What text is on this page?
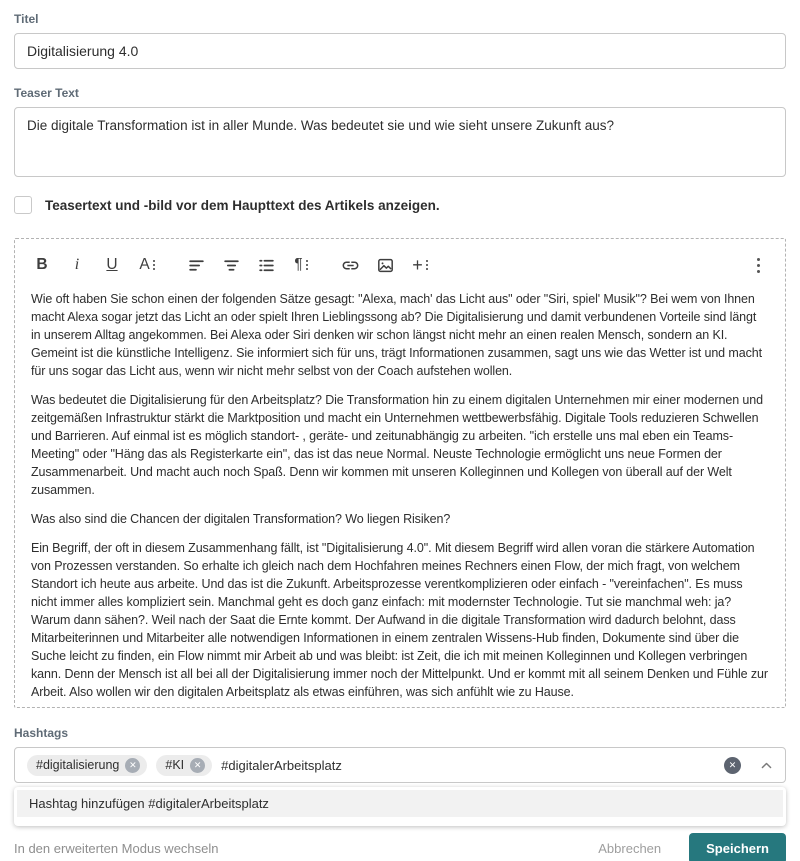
Titel
Digitalisierung 4.0
Teaser Text
Die digitale Transformation ist in aller Munde. Was bedeutet sie und wie sieht unsere Zukunft aus?
Teasertext und -bild vor dem Haupttext des Artikels anzeigen.
B i U A	¶	+

Wie oft haben Sie schon einen der folgenden Sätze gesagt: "Alexa, mach' das Licht aus" oder "Siri, spiel' Musik"? Bei wem von Ihnen macht Alexa sogar jetzt das Licht an oder spielt Ihren Lieblingssong ab? Die Digitalisierung und damit verbundenen Vorteile sind längt in unserem Alltag angekommen. Bei Alexa oder Siri denken wir schon längst nicht mehr an einen realen Mensch, sondern an KI. Gemeint ist die künstliche Intelligenz. Sie informiert sich für uns, trägt Informationen zusammen, sagt uns wie das Wetter ist und macht für uns sogar das Licht aus, wenn wir nicht mehr selbst von der Coach aufstehen wollen.

Was bedeutet die Digitalisierung für den Arbeitsplatz? Die Transformation hin zu einem digitalen Unternehmen mir einer modernen und zeitgemäßen Infrastruktur stärkt die Marktposition und macht ein Unternehmen wettbewerbsfähig. Digitale Tools reduzieren Schwellen und Barrieren. Auf einmal ist es möglich standort- , geräte- und zeitunabhängig zu arbeiten. "ich erstelle uns mal eben ein Teams-Meeting" oder "Häng das als Registerkarte ein", das ist das neue Normal. Neuste Technologie ermöglicht uns neue Formen der Zusammenarbeit. Und macht auch noch Spaß. Denn wir kommen mit unseren Kolleginnen und Kollegen von überall auf der Welt zusammen.

Was also sind die Chancen der digitalen Transformation? Wo liegen Risiken?

Ein Begriff, der oft in diesem Zusammenhang fällt, ist "Digitalisierung 4.0". Mit diesem Begriff wird allen voran die stärkere Automation von Prozessen verstanden. So erhalte ich gleich nach dem Hochfahren meines Rechners einen Flow, der mich fragt, von welchem Standort ich heute aus arbeite. Und das ist die Zukunft. Arbeitsprozesse verentkomplizieren oder einfach - "vereinfachen". Es muss nicht immer alles kompliziert sein. Manchmal geht es doch ganz einfach: mit modernster Technologie. Tut sie manchmal weh: ja? Warum dann sähen?. Weil nach der Saat die Ernte kommt. Der Aufwand in die digitale Transformation wird dadurch belohnt, dass Mitarbeiterinnen und Mitarbeiter alle notwendigen Informationen in einem zentralen Wissens-Hub finden, Dokumente sind über die Suche leicht zu finden, ein Flow nimmt mir Arbeit ab und was bleibt: ist Zeit, die ich mit meinen Kolleginnen und Kollegen verbringen kann. Denn der Mensch ist all bei all der Digitalisierung immer noch der Mittelpunkt. Und er kommt mit all seinem Denken und Fühle zur Arbeit. Also wollen wir den digitalen Arbeitsplatz als etwas einführen, was sich anfühlt wie zu Hause.

Hashtags
#digitalisierung	✕ #KI	✕ #digitalerArbeitsplatz	✕
Hashtag hinzufügen #digitalerArbeitsplatz
In den erweiterten Modus wechseln	Abbrechen	Speichern
